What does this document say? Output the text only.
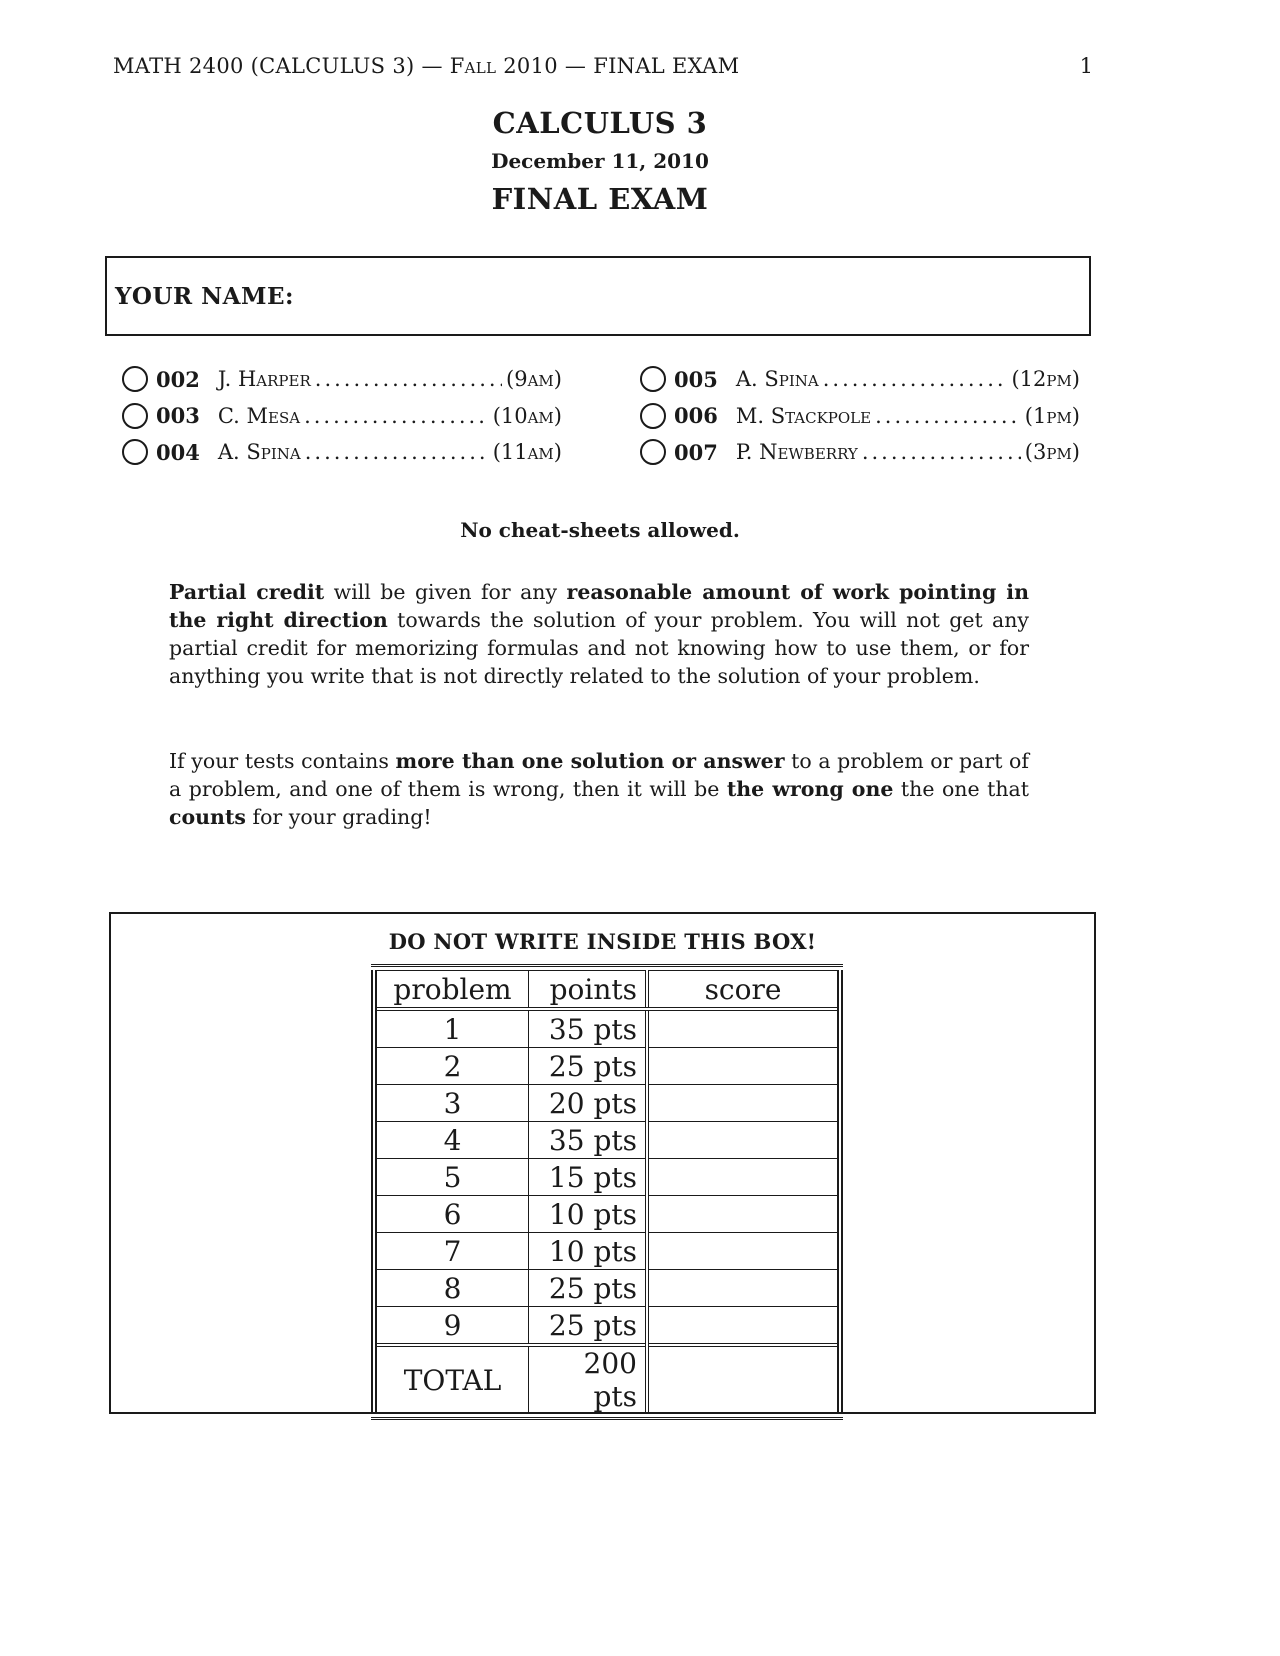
MATH 2400 (CALCULUS 3) — Fall 2010 — FINAL EXAM	1
CALCULUS 3
December 11, 2010
FINAL EXAM
YOUR NAME:
002 J. Harper .....	(9am)
003 C. Mesa .....	(10am)
004 A. Spina .....	(11am)
005 A. Spina .....	(12pm)
006 M. Stackpole .....	(1pm)
007 P. Newberry .....	(3pm)
No cheat-sheets allowed.
Partial credit will be given for any reasonable amount of work pointing in the right direction towards the solution of your problem. You will not get any partial credit for memorizing formulas and not knowing how to use them, or for anything you write that is not directly related to the solution of your problem.
If your tests contains more than one solution or answer to a problem or part of a problem, and one of them is wrong, then it will be the wrong one the one that counts for your grading!
DO NOT WRITE INSIDE THIS BOX!
problem	points	score
1	35 pts	
2	25 pts	
3	20 pts	
4	35 pts	
5	15 pts	
6	10 pts	
7	10 pts	
8	25 pts	
9	25 pts	
TOTAL	200 pts	
